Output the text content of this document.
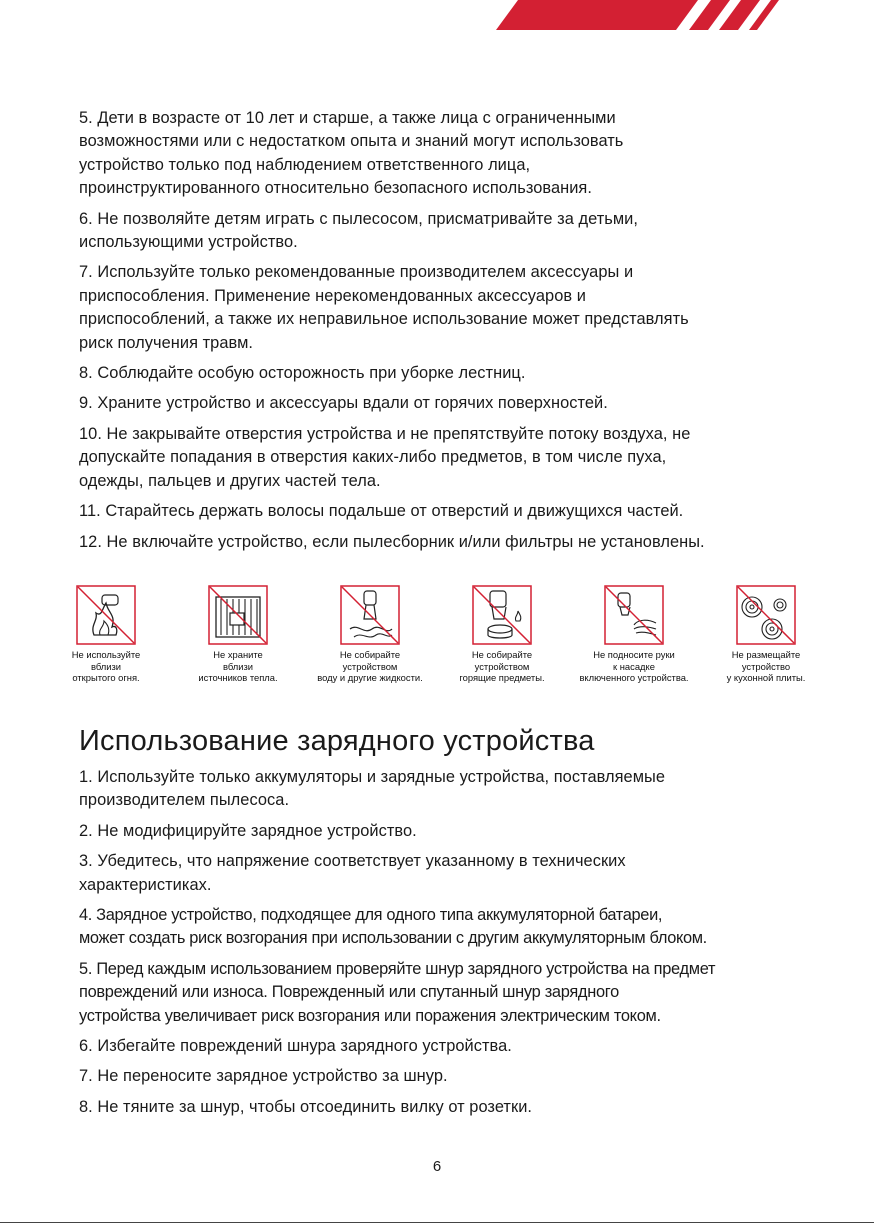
5. Дети в возрасте от 10 лет и старше, а также лица с ограниченными
возможностями или с недостатком опыта и знаний могут использовать
устройство только под наблюдением ответственного лица,
проинструктированного относительно безопасного использования.

6. Не позволяйте детям играть с пылесосом, присматривайте за детьми,
использующими устройство.

7. Используйте только рекомендованные производителем аксессуары и
приспособления. Применение нерекомендованных аксессуаров и
приспособлений, а также их неправильное использование может представлять
риск получения травм.

8. Соблюдайте особую осторожность при уборке лестниц.

9. Храните устройство и аксессуары вдали от горячих поверхностей.

10. Не закрывайте отверстия устройства и не препятствуйте потоку воздуха, не
допускайте попадания в отверстия каких-либо предметов, в том числе пуха,
одежды, пальцев и других частей тела.

11. Старайтесь держать волосы подальше от отверстий и движущихся частей.

12. Не включайте устройство, если пылесборник и/или фильтры не установлены.

Не используйте
вблизи
открытого огня.
Не храните
вблизи
источников тепла.
Не собирайте
устройством
воду и другие жидкости.
Не собирайте
устройством
горящие предметы.
Не подносите руки
к насадке
включенного устройства.
Не размещайте
устройство
у кухонной плиты.
Использование зарядного устройства

1. Используйте только аккумуляторы и зарядные устройства, поставляемые
производителем пылесоса.

2. Не модифицируйте зарядное устройство.

3. Убедитесь, что напряжение соответствует указанному в технических
характеристиках.

4. Зарядное устройство, подходящее для одного типа аккумуляторной батареи,
может создать риск возгорания при использовании с другим аккумуляторным блоком.

5. Перед каждым использованием проверяйте шнур зарядного устройства на предмет
повреждений или износа. Поврежденный или спутанный шнур зарядного
устройства увеличивает риск возгорания или поражения электрическим током.

6. Избегайте повреждений шнура зарядного устройства.

7. Не переносите зарядное устройство за шнур.

8. Не тяните за шнур, чтобы отсоединить вилку от розетки.

6
